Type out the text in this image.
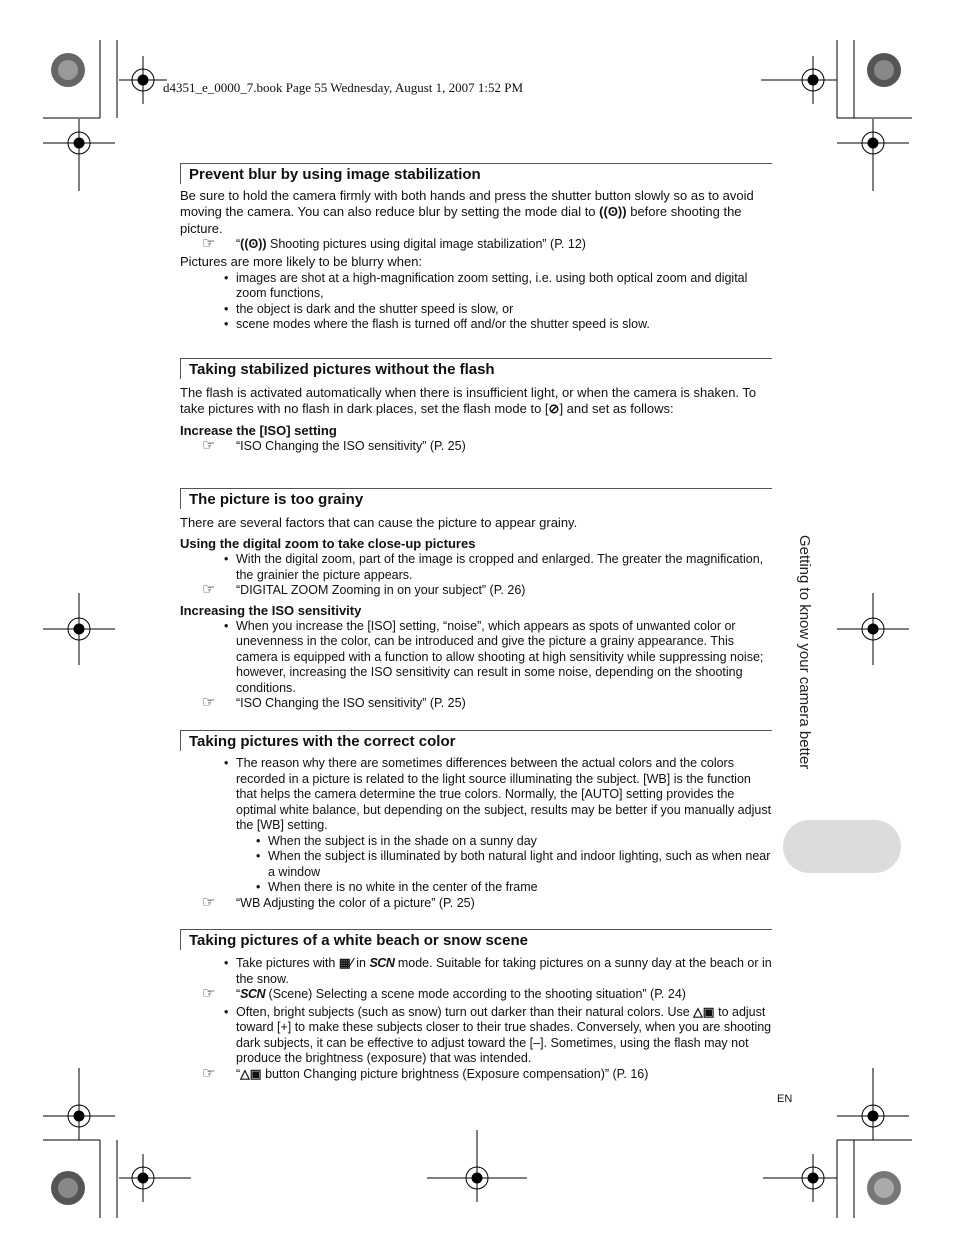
d4351_e_0000_7.book Page 55 Wednesday, August 1, 2007 1:52 PM
Prevent blur by using image stabilization

Be sure to hold the camera firmly with both hands and press the shutter button slowly so as to avoid moving the camera. You can also reduce blur by setting the mode dial to ((ʘ)) before shooting the picture.

☞ “((ʘ)) Shooting pictures using digital image stabilization” (P. 12)

Pictures are more likely to be blurry when:

• images are shot at a high-magnification zoom setting, i.e. using both optical zoom and digital zoom functions,
• the object is dark and the shutter speed is slow, or
• scene modes where the flash is turned off and/or the shutter speed is slow.
Taking stabilized pictures without the flash

The flash is activated automatically when there is insufficient light, or when the camera is shaken. To take pictures with no flash in dark places, set the flash mode to [⊘] and set as follows:

Increase the [ISO] setting
☞ “ISO Changing the ISO sensitivity” (P. 25)
The picture is too grainy

There are several factors that can cause the picture to appear grainy.

Using the digital zoom to take close-up pictures
• With the digital zoom, part of the image is cropped and enlarged. The greater the magnification, the grainier the picture appears.
☞ “DIGITAL ZOOM Zooming in on your subject” (P. 26)
Increasing the ISO sensitivity
• When you increase the [ISO] setting, “noise”, which appears as spots of unwanted color or unevenness in the color, can be introduced and give the picture a grainy appearance. This camera is equipped with a function to allow shooting at high sensitivity while suppressing noise; however, increasing the ISO sensitivity can result in some noise, depending on the shooting conditions.
☞ “ISO Changing the ISO sensitivity” (P. 25)
Taking pictures with the correct color
• The reason why there are sometimes differences between the actual colors and the colors recorded in a picture is related to the light source illuminating the subject. [WB] is the function that helps the camera determine the true colors. Normally, the [AUTO] setting provides the optimal white balance, but depending on the subject, results may be better if you manually adjust the [WB] setting.
• When the subject is in the shade on a sunny day
• When the subject is illuminated by both natural light and indoor lighting, such as when near a window
• When there is no white in the center of the frame
☞ “WB Adjusting the color of a picture” (P. 25)
Taking pictures of a white beach or snow scene
• Take pictures with ▦⁄ in SCN mode. Suitable for taking pictures on a sunny day at the beach or in the snow.
☞ “SCN (Scene) Selecting a scene mode according to the shooting situation” (P. 24)
• Often, bright subjects (such as snow) turn out darker than their natural colors. Use △▣ to adjust toward [+] to make these subjects closer to their true shades. Conversely, when you are shooting dark subjects, it can be effective to adjust toward the [–]. Sometimes, using the flash may not produce the brightness (exposure) that was intended.
☞ “△▣ button Changing picture brightness (Exposure compensation)” (P. 16)
Getting to know your camera better
EN
